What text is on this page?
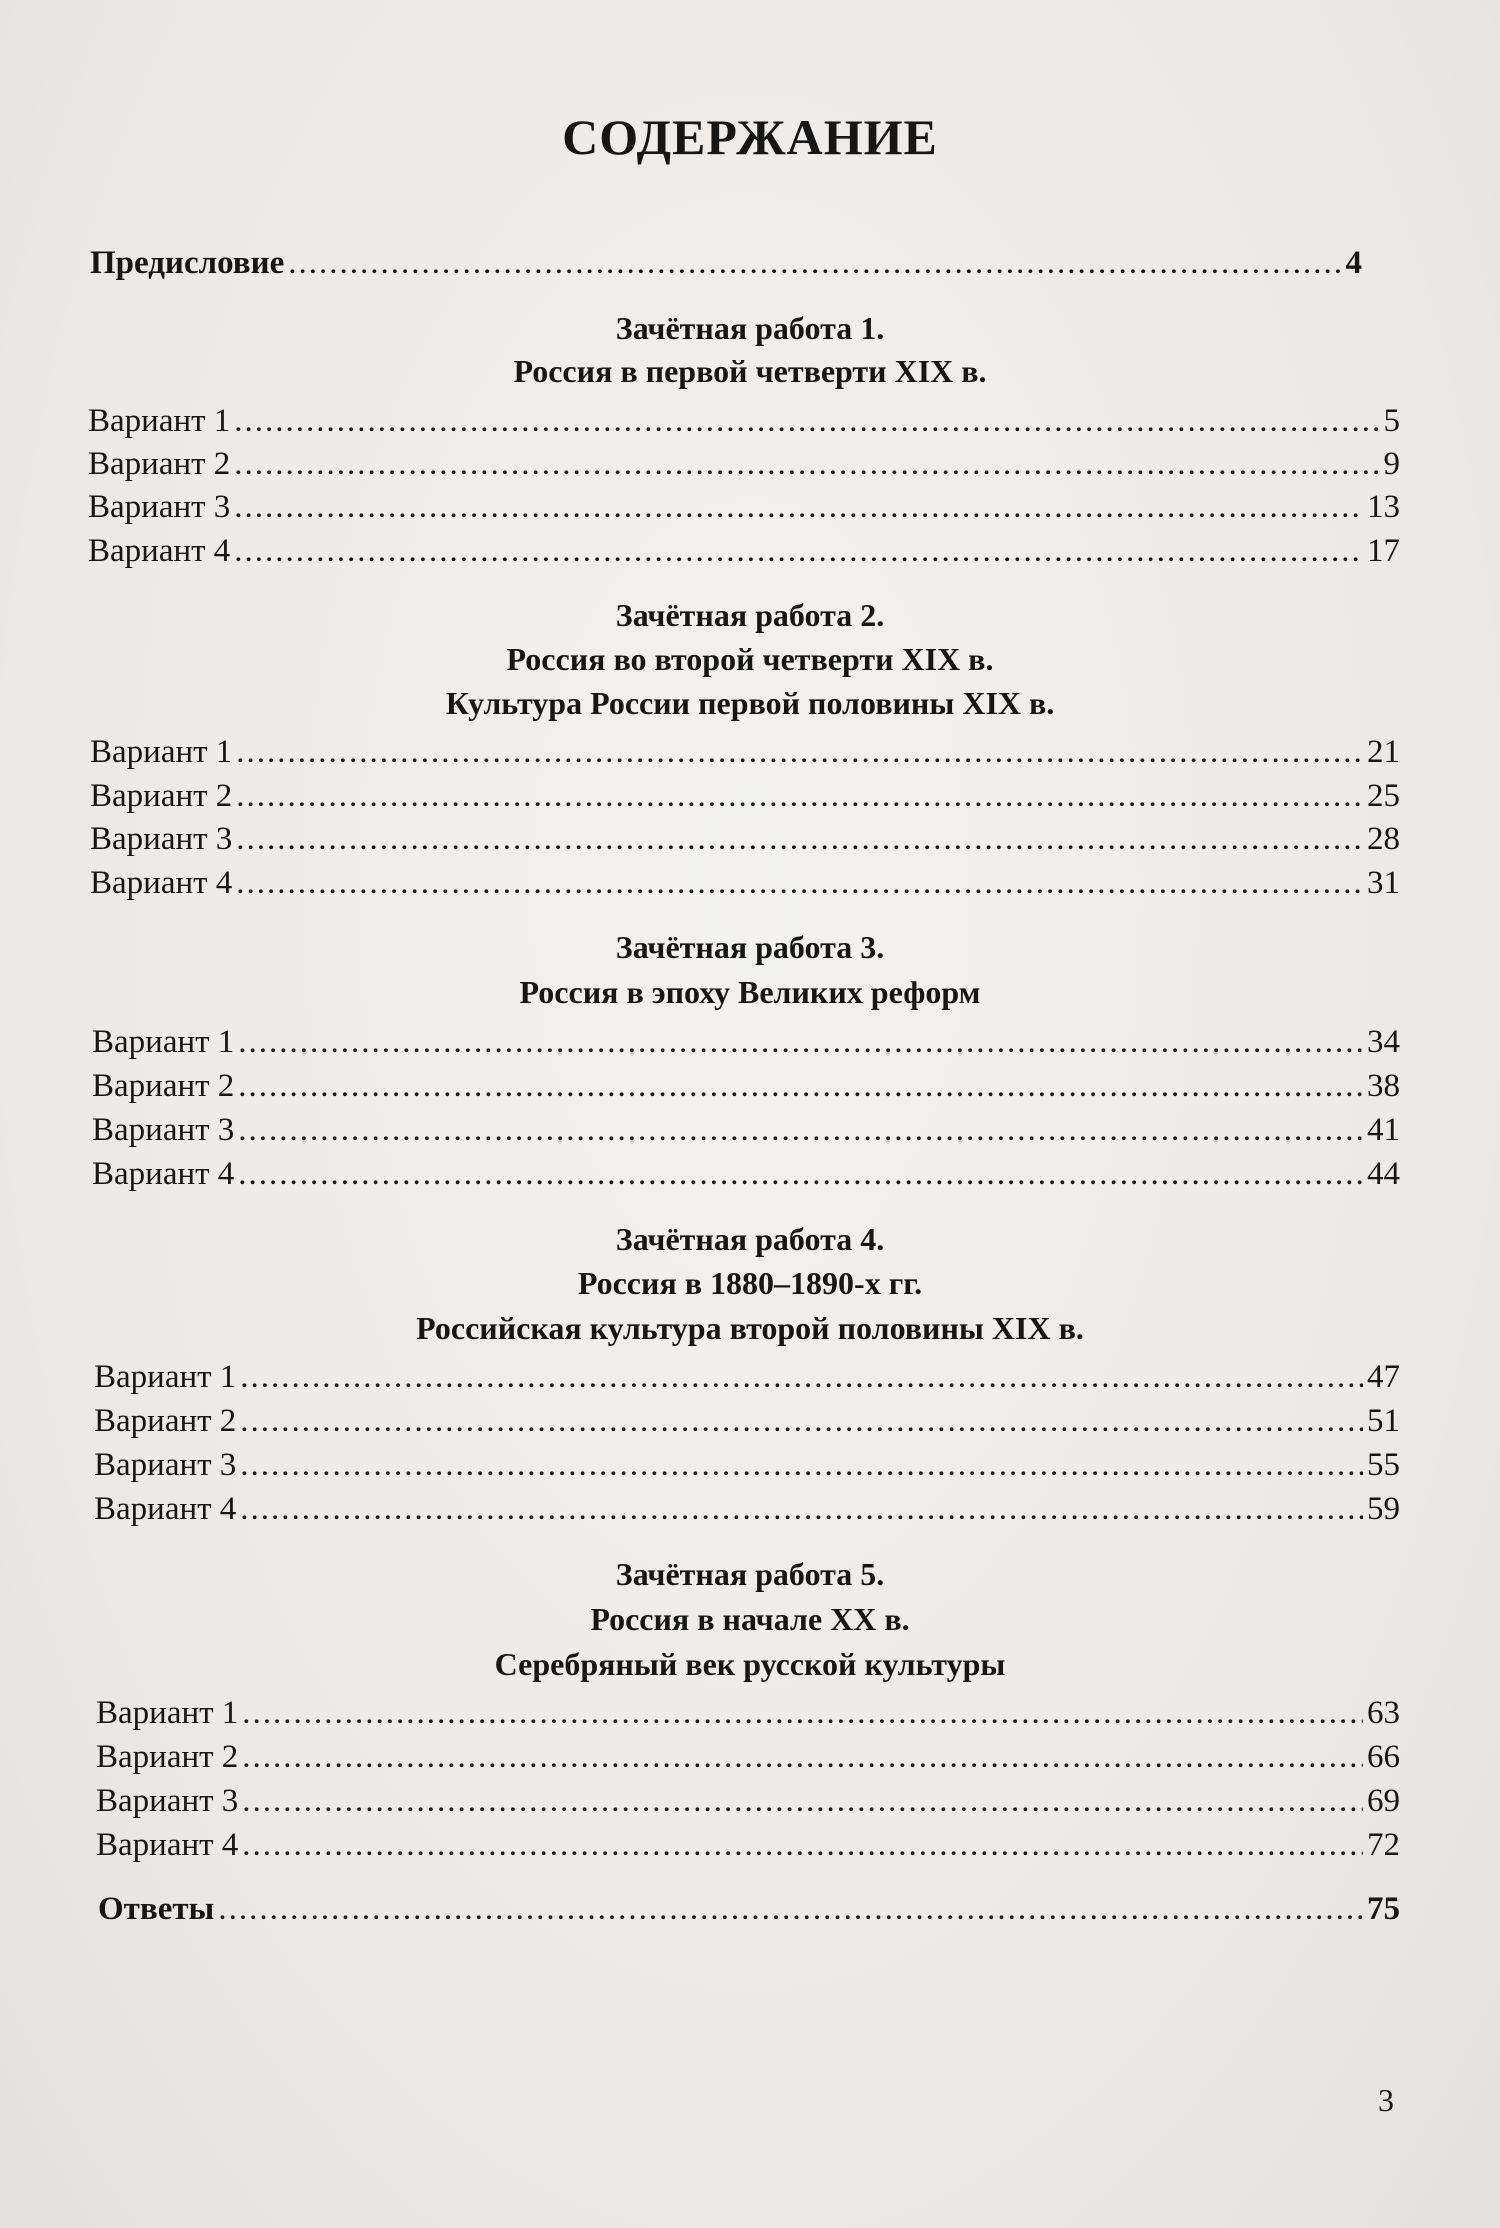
СОДЕРЖАНИЕ
Предисловие .....	4
Зачётная работа 1.
Россия в первой четверти XIX в.
Вариант 1 .....	5
Вариант 2 .....	9
Вариант 3 .....	13
Вариант 4 .....	17
Зачётная работа 2.
Россия во второй четверти XIX в.
Культура России первой половины XIX в.
Вариант 1 .....	21
Вариант 2 .....	25
Вариант 3 .....	28
Вариант 4 .....	31
Зачётная работа 3.
Россия в эпоху Великих реформ
Вариант 1 .....	34
Вариант 2 .....	38
Вариант 3 .....	41
Вариант 4 .....	44
Зачётная работа 4.
Россия в 1880–1890-х гг.
Российская культура второй половины XIX в.
Вариант 1 .....	47
Вариант 2 .....	51
Вариант 3 .....	55
Вариант 4 .....	59
Зачётная работа 5.
Россия в начале XX в.
Серебряный век русской культуры
Вариант 1 .....	63
Вариант 2 .....	66
Вариант 3 .....	69
Вариант 4 .....	72
Ответы .....	75
3
